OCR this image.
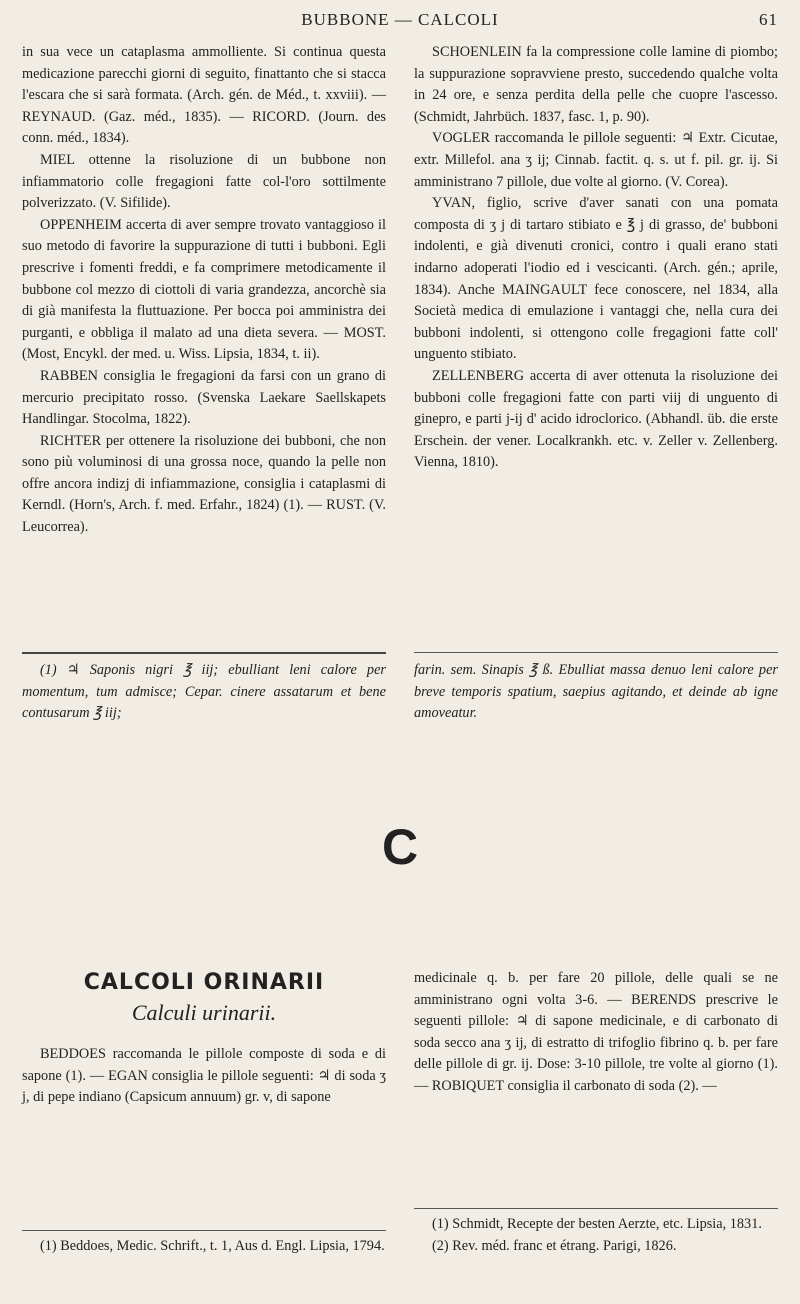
BUBBONE — CALCOLI	61

in sua vece un cataplasma ammolliente. Si continua questa medicazione parecchi giorni di seguito, finattanto che si stacca l'escara che si sarà formata. (Arch. gén. de Méd., t. xxviii). — REYNAUD. (Gaz. méd., 1835). — RICORD. (Journ. des conn. méd., 1834).

MIEL ottenne la risoluzione di un bubbone non infiammatorio colle fregagioni fatte col-l'oro sottilmente polverizzato. (V. Sifilide).

OPPENHEIM accerta di aver sempre trovato vantaggioso il suo metodo di favorire la suppurazione di tutti i bubboni. Egli prescrive i fomenti freddi, e fa comprimere metodicamente il bubbone col mezzo di ciottoli di varia grandezza, ancorchè sia di già manifesta la fluttuazione. Per bocca poi amministra dei purganti, e obbliga il malato ad una dieta severa. — MOST. (Most, Encykl. der med. u. Wiss. Lipsia, 1834, t. ii).

RABBEN consiglia le fregagioni da farsi con un grano di mercurio precipitato rosso. (Svenska Laekare Saellskapets Handlingar. Stocolma, 1822).

RICHTER per ottenere la risoluzione dei bubboni, che non sono più voluminosi di una grossa noce, quando la pelle non offre ancora indizj di infiammazione, consiglia i cataplasmi di Kerndl. (Horn's, Arch. f. med. Erfahr., 1824) (1). — RUST. (V. Leucorrea).

(1) ♃ Saponis nigri ℥ iij; ebulliant leni calore per momentum, tum admisce; Cepar. cinere assatarum et bene contusarum ℥ iij;

SCHOENLEIN fa la compressione colle lamine di piombo; la suppurazione sopravviene presto, succedendo qualche volta in 24 ore, e senza perdita della pelle che cuopre l'ascesso. (Schmidt, Jahrbüch. 1837, fasc. 1, p. 90).

VOGLER raccomanda le pillole seguenti: ♃ Extr. Cicutae, extr. Millefol. ana ʒ ij; Cinnab. factit. q. s. ut f. pil. gr. ij. Si amministrano 7 pillole, due volte al giorno. (V. Corea).

YVAN, figlio, scrive d'aver sanati con una pomata composta di ʒ j di tartaro stibiato e ℥ j di grasso, de' bubboni indolenti, e già divenuti cronici, contro i quali erano stati indarno adoperati l'iodio ed i vescicanti. (Arch. gén.; aprile, 1834). Anche MAINGAULT fece conoscere, nel 1834, alla Società medica di emulazione i vantaggi che, nella cura dei bubboni indolenti, si ottengono colle fregagioni fatte coll' unguento stibiato.

ZELLENBERG accerta di aver ottenuta la risoluzione dei bubboni colle fregagioni fatte con parti viij di unguento di ginepro, e parti j-ij d' acido idroclorico. (Abhandl. üb. die erste Erschein. der vener. Localkrankh. etc. v. Zeller v. Zellenberg. Vienna, 1810).

farin. sem. Sinapis ℥ ß. Ebulliat massa denuo leni calore per breve temporis spatium, saepius agitando, et deinde ab igne amoveatur.

C
CALCOLI ORINARII
Calculi urinarii.

BEDDOES raccomanda le pillole composte di soda e di sapone (1). — EGAN consiglia le pillole seguenti: ♃ di soda ʒ j, di pepe indiano (Capsicum annuum) gr. v, di sapone

(1) Beddoes, Medic. Schrift., t. 1, Aus d. Engl. Lipsia, 1794.

medicinale q. b. per fare 20 pillole, delle quali se ne amministrano ogni volta 3-6. — BERENDS prescrive le seguenti pillole: ♃ di sapone medicinale, e di carbonato di soda secco ana ʒ ij, di estratto di trifoglio fibrino q. b. per fare delle pillole di gr. ij. Dose: 3-10 pillole, tre volte al giorno (1). — ROBIQUET consiglia il carbonato di soda (2). —

(1) Schmidt, Recepte der besten Aerzte, etc. Lipsia, 1831.

(2) Rev. méd. franc et étrang. Parigi, 1826.
